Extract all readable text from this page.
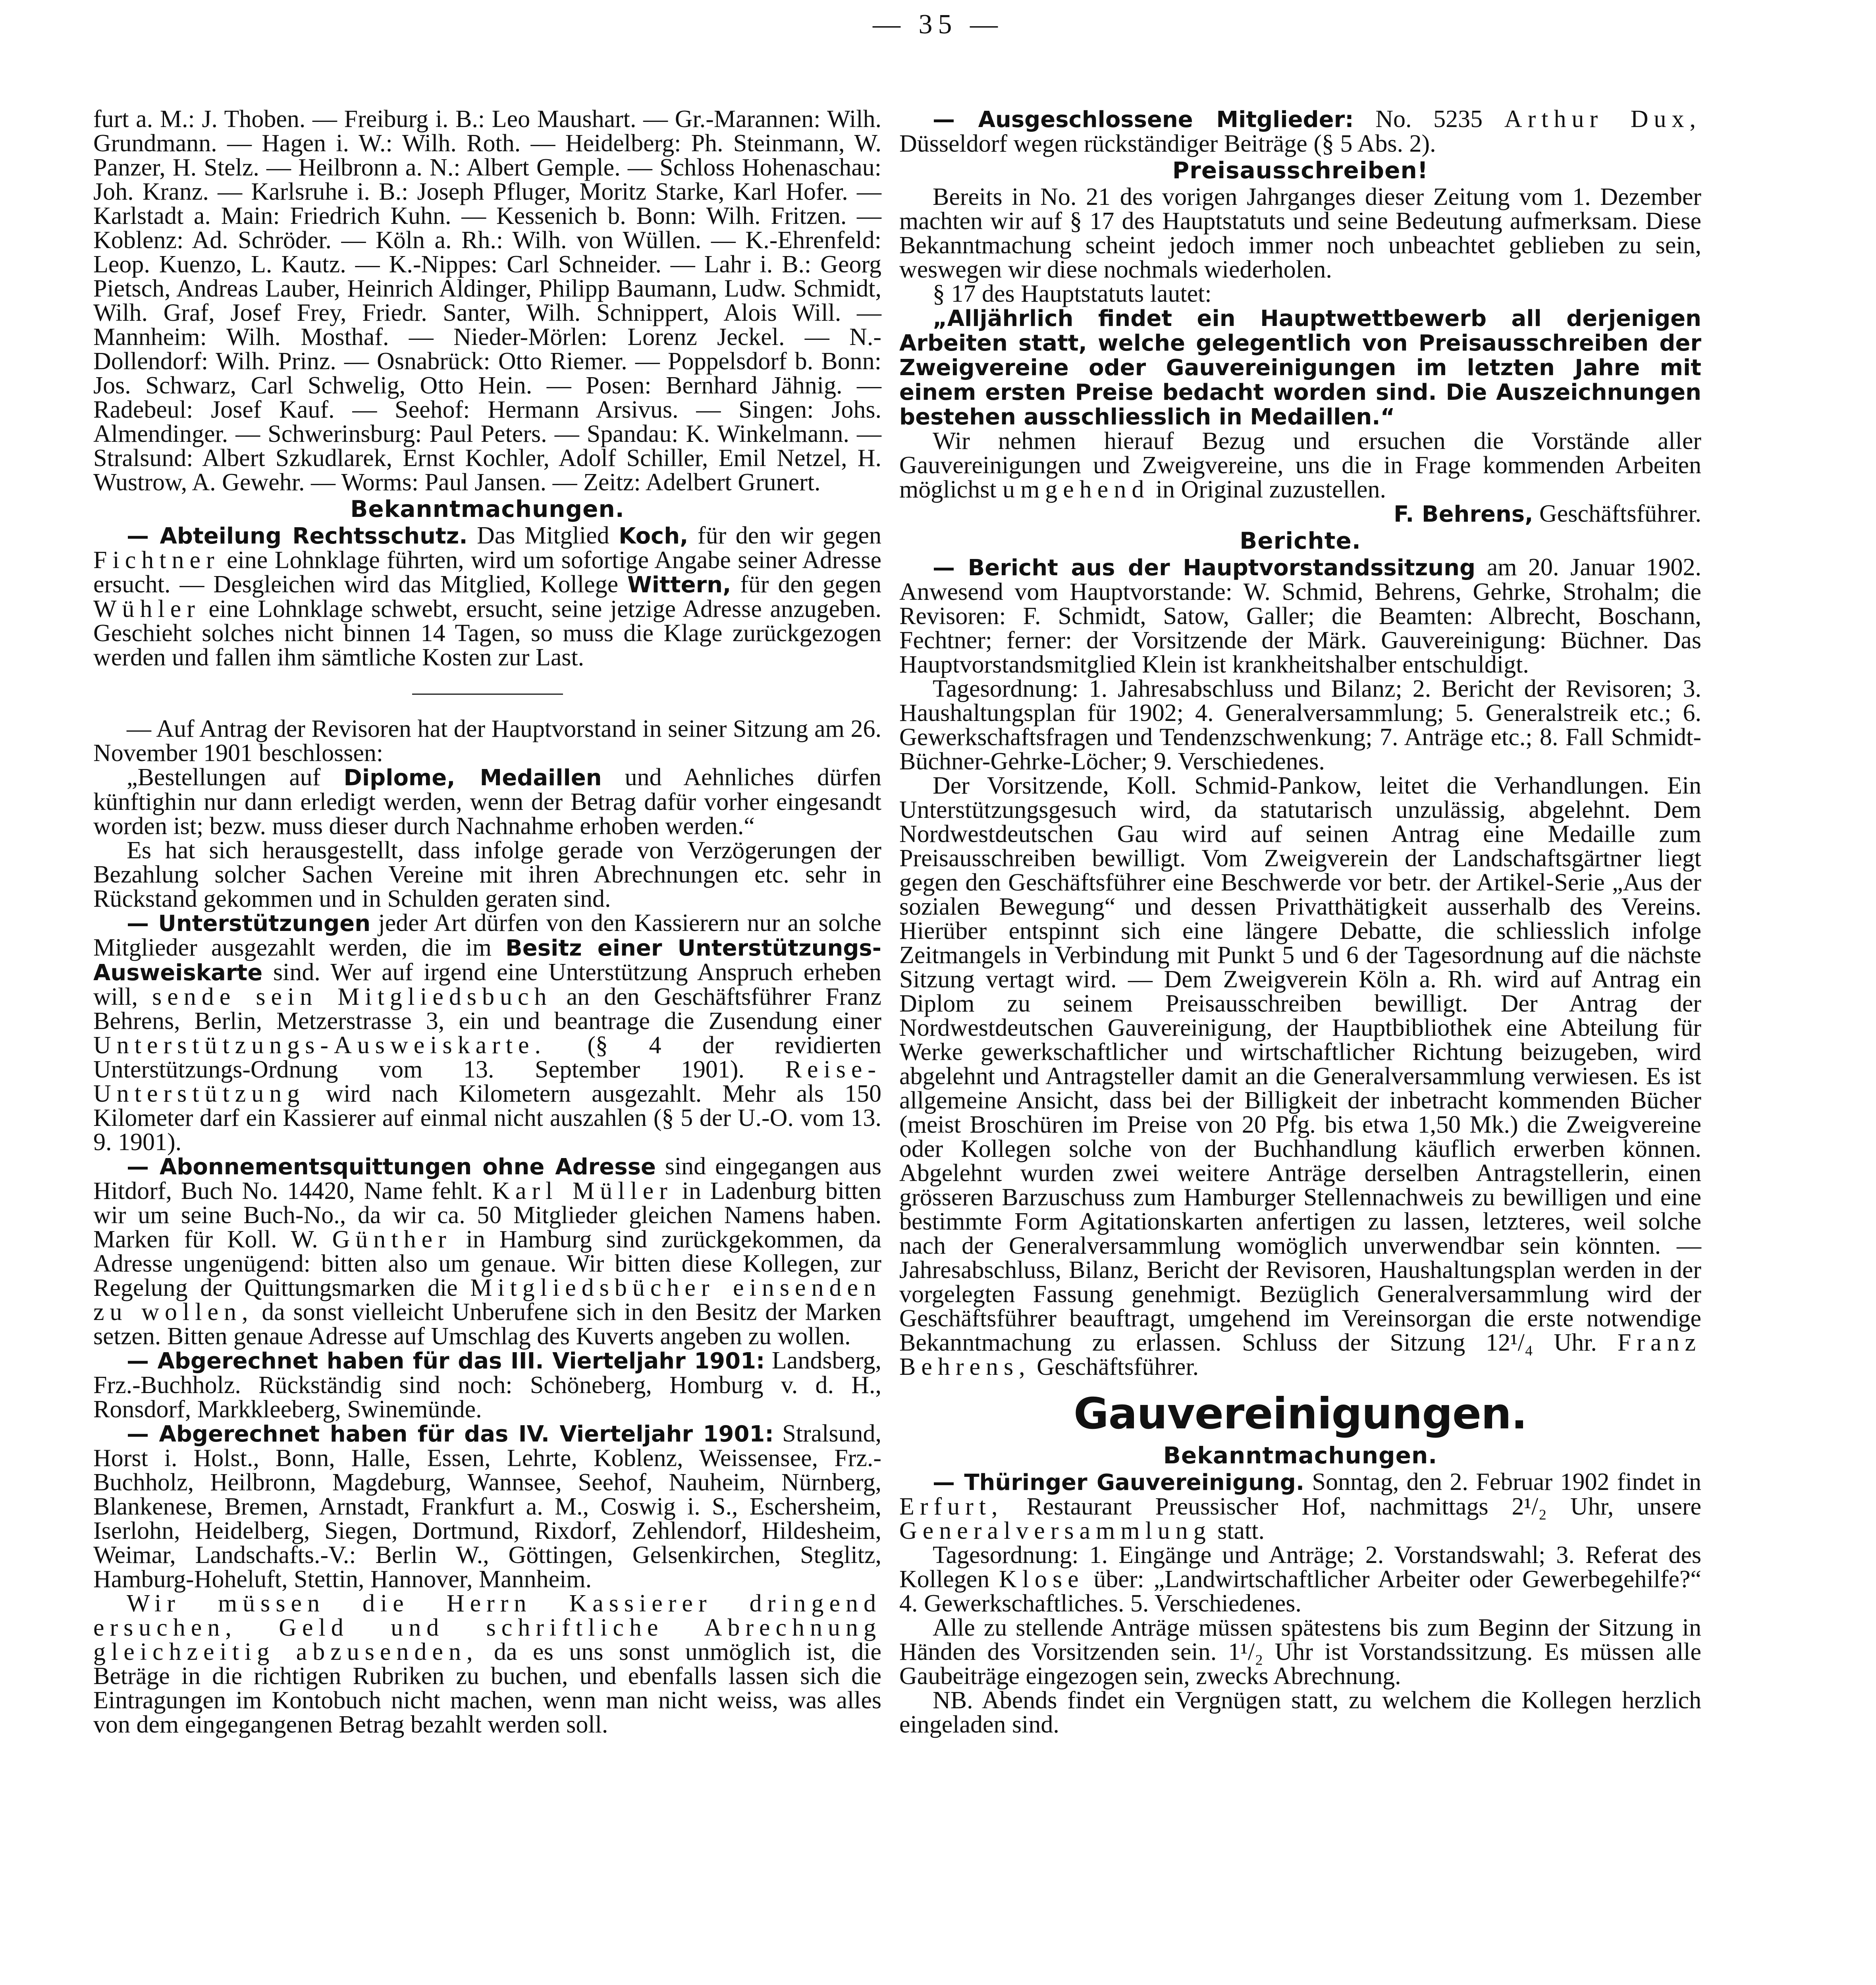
— 35 —

furt a. M.: J. Thoben. — Freiburg i. B.: Leo Maushart. — Gr.-Marannen: Wilh. Grundmann. — Hagen i. W.: Wilh. Roth. — Heidelberg: Ph. Steinmann, W. Panzer, H. Stelz. — Heilbronn a. N.: Albert Gemple. — Schloss Hohenaschau: Joh. Kranz. — Karlsruhe i. B.: Joseph Pfluger, Moritz Starke, Karl Hofer. — Karlstadt a. Main: Friedrich Kuhn. — Kessenich b. Bonn: Wilh. Fritzen. — Koblenz: Ad. Schröder. — Köln a. Rh.: Wilh. von Wüllen. — K.-Ehrenfeld: Leop. Kuenzo, L. Kautz. — K.-Nippes: Carl Schneider. — Lahr i. B.: Georg Pietsch, Andreas Lauber, Heinrich Aldinger, Philipp Baumann, Ludw. Schmidt, Wilh. Graf, Josef Frey, Friedr. Santer, Wilh. Schnippert, Alois Will. — Mannheim: Wilh. Mosthaf. — Nieder-Mörlen: Lorenz Jeckel. — N.-Dollendorf: Wilh. Prinz. — Osnabrück: Otto Riemer. — Poppelsdorf b. Bonn: Jos. Schwarz, Carl Schwelig, Otto Hein. — Posen: Bernhard Jähnig. — Radebeul: Josef Kauf. — Seehof: Hermann Arsivus. — Singen: Johs. Almendinger. — Schwerinsburg: Paul Peters. — Spandau: K. Winkelmann. — Stralsund: Albert Szkudlarek, Ernst Kochler, Adolf Schiller, Emil Netzel, H. Wustrow, A. Gewehr. — Worms: Paul Jansen. — Zeitz: Adelbert Grunert.

Bekanntmachungen.

— Abteilung Rechtsschutz. Das Mitglied Koch, für den wir gegen Fichtner eine Lohnklage führten, wird um sofortige Angabe seiner Adresse ersucht. — Desgleichen wird das Mitglied, Kollege Wittern, für den gegen Wühler eine Lohnklage schwebt, ersucht, seine jetzige Adresse anzugeben. Geschieht solches nicht binnen 14 Tagen, so muss die Klage zurückgezogen werden und fallen ihm sämtliche Kosten zur Last.

— Auf Antrag der Revisoren hat der Hauptvorstand in seiner Sitzung am 26. November 1901 beschlossen:

„Bestellungen auf Diplome, Medaillen und Aehnliches dürfen künftighin nur dann erledigt werden, wenn der Betrag dafür vorher eingesandt worden ist; bezw. muss dieser durch Nachnahme erhoben werden.“

Es hat sich herausgestellt, dass infolge gerade von Verzögerungen der Bezahlung solcher Sachen Vereine mit ihren Abrechnungen etc. sehr in Rückstand gekommen und in Schulden geraten sind.

— Unterstützungen jeder Art dürfen von den Kassierern nur an solche Mitglieder ausgezahlt werden, die im Besitz einer Unterstützungs-Ausweiskarte sind. Wer auf irgend eine Unterstützung Anspruch erheben will, sende sein Mitgliedsbuch an den Geschäftsführer Franz Behrens, Berlin, Metzerstrasse 3, ein und beantrage die Zusendung einer Unterstützungs-Ausweiskarte. (§ 4 der revidierten Unterstützungs-Ordnung vom 13. September 1901). Reise-Unterstützung wird nach Kilometern ausgezahlt. Mehr als 150 Kilometer darf ein Kassierer auf einmal nicht auszahlen (§ 5 der U.-O. vom 13. 9. 1901).

— Abonnementsquittungen ohne Adresse sind eingegangen aus Hitdorf, Buch No. 14420, Name fehlt. Karl Müller in Ladenburg bitten wir um seine Buch-No., da wir ca. 50 Mitglieder gleichen Namens haben. Marken für Koll. W. Günther in Hamburg sind zurückgekommen, da Adresse ungenügend: bitten also um genaue. Wir bitten diese Kollegen, zur Regelung der Quittungsmarken die Mitgliedsbücher einsenden zu wollen, da sonst vielleicht Unberufene sich in den Besitz der Marken setzen. Bitten genaue Adresse auf Umschlag des Kuverts angeben zu wollen.

— Abgerechnet haben für das III. Vierteljahr 1901: Landsberg, Frz.-Buchholz. Rückständig sind noch: Schöneberg, Homburg v. d. H., Ronsdorf, Markkleeberg, Swinemünde.

— Abgerechnet haben für das IV. Vierteljahr 1901: Stralsund, Horst i. Holst., Bonn, Halle, Essen, Lehrte, Koblenz, Weissensee, Frz.-Buchholz, Heilbronn, Magdeburg, Wannsee, Seehof, Nauheim, Nürnberg, Blankenese, Bremen, Arnstadt, Frankfurt a. M., Coswig i. S., Eschersheim, Iserlohn, Heidelberg, Siegen, Dortmund, Rixdorf, Zehlendorf, Hildesheim, Weimar, Landschafts.-V.: Berlin W., Göttingen, Gelsenkirchen, Steglitz, Hamburg-Hoheluft, Stettin, Hannover, Mannheim.

Wir müssen die Herrn Kassierer dringend ersuchen, Geld und schriftliche Abrechnung gleichzeitig abzusenden, da es uns sonst unmöglich ist, die Beträge in die richtigen Rubriken zu buchen, und ebenfalls lassen sich die Eintragungen im Kontobuch nicht machen, wenn man nicht weiss, was alles von dem eingegangenen Betrag bezahlt werden soll.

— Ausgeschlossene Mitglieder: No. 5235 Arthur Dux, Düsseldorf wegen rückständiger Beiträge (§ 5 Abs. 2).

Preisausschreiben!

Bereits in No. 21 des vorigen Jahrganges dieser Zeitung vom 1. Dezember machten wir auf § 17 des Hauptstatuts und seine Bedeutung aufmerksam. Diese Bekanntmachung scheint jedoch immer noch unbeachtet geblieben zu sein, weswegen wir diese nochmals wiederholen.

§ 17 des Hauptstatuts lautet:

„Alljährlich findet ein Hauptwettbewerb all derjenigen Arbeiten statt, welche gelegentlich von Preisausschreiben der Zweigvereine oder Gauvereinigungen im letzten Jahre mit einem ersten Preise bedacht worden sind. Die Auszeichnungen bestehen ausschliesslich in Medaillen.“

Wir nehmen hierauf Bezug und ersuchen die Vorstände aller Gauvereinigungen und Zweigvereine, uns die in Frage kommenden Arbeiten möglichst umgehend in Original zuzustellen.

F. Behrens, Geschäftsführer.

Berichte.

— Bericht aus der Hauptvorstandssitzung am 20. Januar 1902. Anwesend vom Hauptvorstande: W. Schmid, Behrens, Gehrke, Strohalm; die Revisoren: F. Schmidt, Satow, Galler; die Beamten: Albrecht, Boschann, Fechtner; ferner: der Vorsitzende der Märk. Gauvereinigung: Büchner. Das Hauptvorstandsmitglied Klein ist krankheitshalber entschuldigt.

Tagesordnung: 1. Jahresabschluss und Bilanz; 2. Bericht der Revisoren; 3. Haushaltungsplan für 1902; 4. Generalversammlung; 5. Generalstreik etc.; 6. Gewerkschaftsfragen und Tendenzschwenkung; 7. Anträge etc.; 8. Fall Schmidt-Büchner-Gehrke-Löcher; 9. Verschiedenes.

Der Vorsitzende, Koll. Schmid-Pankow, leitet die Verhandlungen. Ein Unterstützungsgesuch wird, da statutarisch unzulässig, abgelehnt. Dem Nordwestdeutschen Gau wird auf seinen Antrag eine Medaille zum Preisausschreiben bewilligt. Vom Zweigverein der Landschaftsgärtner liegt gegen den Geschäftsführer eine Beschwerde vor betr. der Artikel-Serie „Aus der sozialen Bewegung“ und dessen Privatthätigkeit ausserhalb des Vereins. Hierüber entspinnt sich eine längere Debatte, die schliesslich infolge Zeitmangels in Verbindung mit Punkt 5 und 6 der Tagesordnung auf die nächste Sitzung vertagt wird. — Dem Zweigverein Köln a. Rh. wird auf Antrag ein Diplom zu seinem Preisausschreiben bewilligt. Der Antrag der Nordwestdeutschen Gauvereinigung, der Hauptbibliothek eine Abteilung für Werke gewerkschaftlicher und wirtschaftlicher Richtung beizugeben, wird abgelehnt und Antragsteller damit an die Generalversammlung verwiesen. Es ist allgemeine Ansicht, dass bei der Billigkeit der inbetracht kommenden Bücher (meist Broschüren im Preise von 20 Pfg. bis etwa 1,50 Mk.) die Zweigvereine oder Kollegen solche von der Buchhandlung käuflich erwerben können. Abgelehnt wurden zwei weitere Anträge derselben Antragstellerin, einen grösseren Barzuschuss zum Hamburger Stellennachweis zu bewilligen und eine bestimmte Form Agitationskarten anfertigen zu lassen, letzteres, weil solche nach der Generalversammlung womöglich unverwendbar sein könnten. — Jahresabschluss, Bilanz, Bericht der Revisoren, Haushaltungsplan werden in der vorgelegten Fassung genehmigt. Bezüglich Generalversammlung wird der Geschäftsführer beauftragt, umgehend im Vereinsorgan die erste notwendige Bekanntmachung zu erlassen. Schluss der Sitzung 12¹/₄ Uhr. Franz Behrens, Geschäftsführer.

Gauvereinigungen.
Bekanntmachungen.

— Thüringer Gauvereinigung. Sonntag, den 2. Februar 1902 findet in Erfurt, Restaurant Preussischer Hof, nachmittags 2¹/₂ Uhr, unsere Generalversammlung statt.

Tagesordnung: 1. Eingänge und Anträge; 2. Vorstandswahl; 3. Referat des Kollegen Klose über: „Landwirtschaftlicher Arbeiter oder Gewerbegehilfe?“ 4. Gewerkschaftliches. 5. Verschiedenes.

Alle zu stellende Anträge müssen spätestens bis zum Beginn der Sitzung in Händen des Vorsitzenden sein. 1¹/₂ Uhr ist Vorstandssitzung. Es müssen alle Gaubeiträge eingezogen sein, zwecks Abrechnung.

NB. Abends findet ein Vergnügen statt, zu welchem die Kollegen herzlich eingeladen sind.
